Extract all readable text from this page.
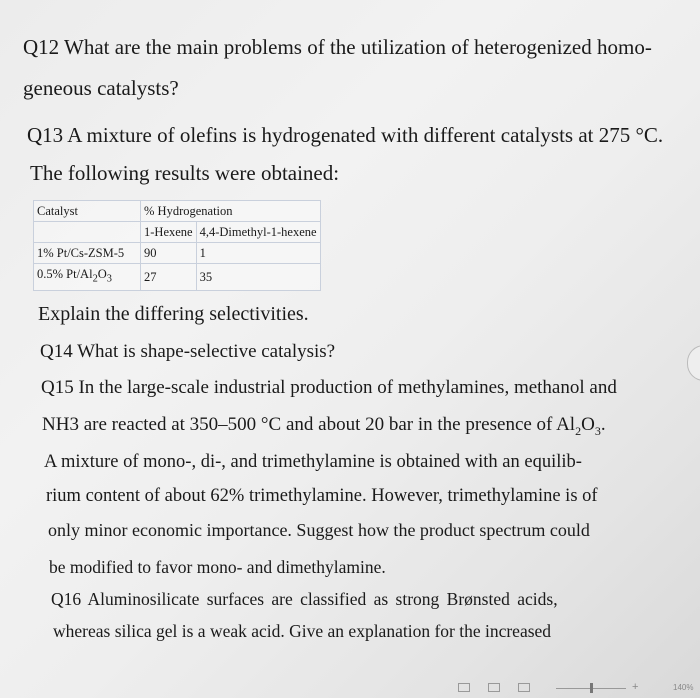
Q12 What are the main problems of the utilization of heterogenized homo-
geneous catalysts?
Q13 A mixture of olefins is hydrogenated with different catalysts at 275 °C.
The following results were obtained:
Catalyst	% Hydrogenation	
	1-Hexene	4,4-Dimethyl-1-hexene
1% Pt/Cs-ZSM-5	90	1
0.5% $Pt/Al_2O_3$	27	35
Explain the differing selectivities.
Q14 What is shape-selective catalysis?
Q15 In the large-scale industrial production of methylamines, methanol and
NH3 are reacted at 350–500 °C and about 20 bar in the presence of $Al_2O_3$.
A mixture of mono-, di-, and trimethylamine is obtained with an equilib-
rium content of about 62% trimethylamine. However, trimethylamine is of
only minor economic importance. Suggest how the product spectrum could
be modified to favor mono- and dimethylamine.
Q16 Aluminosilicate surfaces are classified as strong Brønsted acids,
whereas silica gel is a weak acid. Give an explanation for the increased
+	140%
